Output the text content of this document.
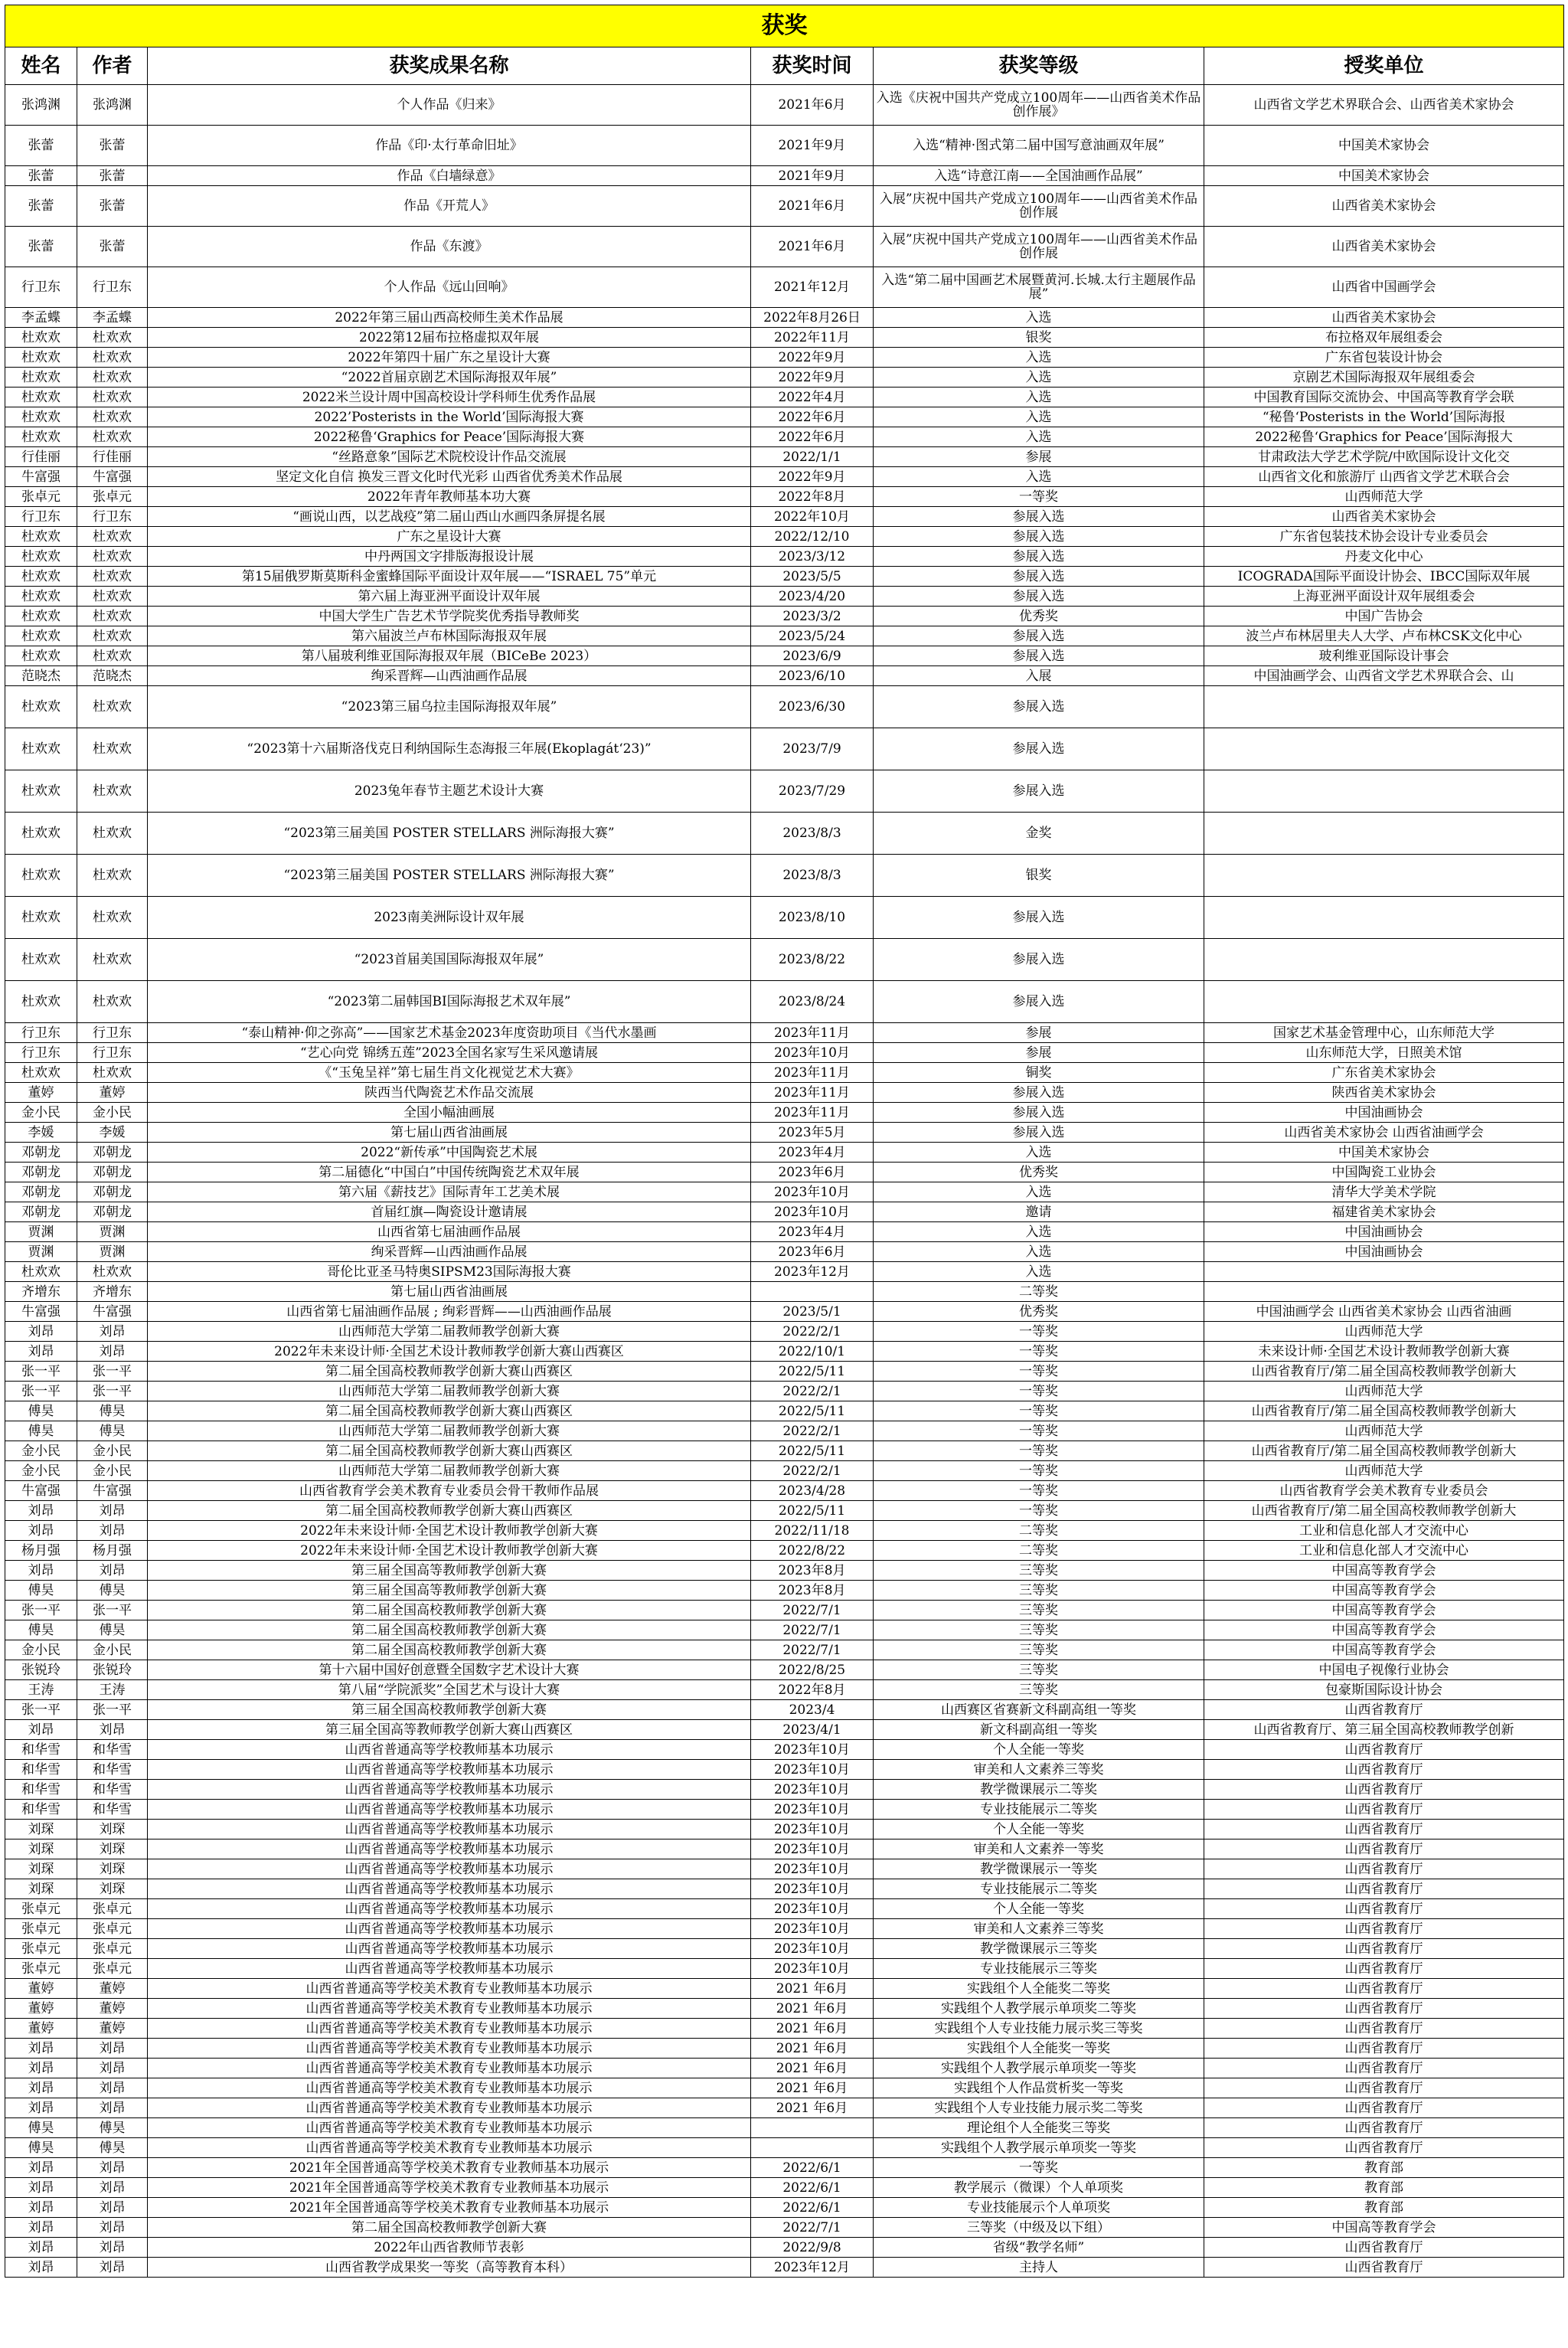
获奖					
姓名	作者	获奖成果名称	获奖时间	获奖等级	授奖单位
张鸿渊	张鸿渊	个人作品《归来》	2021年6月	入选《庆祝中国共产党成立100周年——山西省美术作品创作展》	山西省文学艺术界联合会、山西省美术家协会
张蕾	张蕾	作品《印·太行革命旧址》	2021年9月	入选“精神·图式第二届中国写意油画双年展”	中国美术家协会
张蕾	张蕾	作品《白墙绿意》	2021年9月	入选“诗意江南——全国油画作品展”	中国美术家协会
张蕾	张蕾	作品《开荒人》	2021年6月	入展”庆祝中国共产党成立100周年——山西省美术作品创作展	山西省美术家协会
张蕾	张蕾	作品《东渡》	2021年6月	入展”庆祝中国共产党成立100周年——山西省美术作品创作展	山西省美术家协会
行卫东	行卫东	个人作品《远山回响》	2021年12月	入选“第二届中国画艺术展暨黄河.长城.太行主题展作品展”	山西省中国画学会
李孟蝶	李孟蝶	2022年第三届山西高校师生美术作品展	2022年8月26日	入选	山西省美术家协会
杜欢欢	杜欢欢	2022第12届布拉格虚拟双年展	2022年11月	银奖	布拉格双年展组委会
杜欢欢	杜欢欢	2022年第四十届广东之星设计大赛	2022年9月	入选	广东省包装设计协会
杜欢欢	杜欢欢	“2022首届京剧艺术国际海报双年展”	2022年9月	入选	京剧艺术国际海报双年展组委会
杜欢欢	杜欢欢	2022米兰设计周中国高校设计学科师生优秀作品展	2022年4月	入选	中国教育国际交流协会、中国高等教育学会联
杜欢欢	杜欢欢	2022’Posterists in the World’国际海报大赛	2022年6月	入选	“秘鲁‘Posterists in the World’国际海报
杜欢欢	杜欢欢	2022秘鲁‘Graphics for Peace’国际海报大赛	2022年6月	入选	2022秘鲁‘Graphics for Peace’国际海报大
行佳丽	行佳丽	“丝路意象”国际艺术院校设计作品交流展	2022/1/1	参展	甘肃政法大学艺术学院/中欧国际设计文化交
牛富强	牛富强	坚定文化自信 换发三晋文化时代光彩 山西省优秀美术作品展	2022年9月	入选	山西省文化和旅游厅 山西省文学艺术联合会
张卓元	张卓元	2022年青年教师基本功大赛	2022年8月	一等奖	山西师范大学
行卫东	行卫东	“画说山西，以艺战疫”第二届山西山水画四条屏提名展	2022年10月	参展入选	山西省美术家协会
杜欢欢	杜欢欢	广东之星设计大赛	2022/12/10	参展入选	广东省包装技术协会设计专业委员会
杜欢欢	杜欢欢	中丹两国文字排版海报设计展	2023/3/12	参展入选	丹麦文化中心
杜欢欢	杜欢欢	第15届俄罗斯莫斯科金蜜蜂国际平面设计双年展——“ISRAEL 75”单元	2023/5/5	参展入选	ICOGRADA国际平面设计协会、IBCC国际双年展
杜欢欢	杜欢欢	第六届上海亚洲平面设计双年展	2023/4/20	参展入选	上海亚洲平面设计双年展组委会
杜欢欢	杜欢欢	中国大学生广告艺术节学院奖优秀指导教师奖	2023/3/2	优秀奖	中国广告协会
杜欢欢	杜欢欢	第六届波兰卢布林国际海报双年展	2023/5/24	参展入选	波兰卢布林居里夫人大学、卢布林CSK文化中心
杜欢欢	杜欢欢	第八届玻利维亚国际海报双年展（BICeBe 2023）	2023/6/9	参展入选	玻利维亚国际设计事会
范晓杰	范晓杰	绚采晋辉—山西油画作品展	2023/6/10	入展	中国油画学会、山西省文学艺术界联合会、山
杜欢欢	杜欢欢	“2023第三届乌拉圭国际海报双年展”	2023/6/30	参展入选	
杜欢欢	杜欢欢	“2023第十六届斯洛伐克日利纳国际生态海报三年展(Ekoplagát‘23)”	2023/7/9	参展入选	
杜欢欢	杜欢欢	2023兔年春节主题艺术设计大赛	2023/7/29	参展入选	
杜欢欢	杜欢欢	“2023第三届美国 POSTER STELLARS 洲际海报大赛”	2023/8/3	金奖	
杜欢欢	杜欢欢	“2023第三届美国 POSTER STELLARS 洲际海报大赛”	2023/8/3	银奖	
杜欢欢	杜欢欢	2023南美洲际设计双年展	2023/8/10	参展入选	
杜欢欢	杜欢欢	“2023首届美国国际海报双年展”	2023/8/22	参展入选	
杜欢欢	杜欢欢	“2023第二届韩国BI国际海报艺术双年展”	2023/8/24	参展入选	
行卫东	行卫东	“泰山精神·仰之弥高”——国家艺术基金2023年度资助项目《当代水墨画	2023年11月	参展	国家艺术基金管理中心，山东师范大学
行卫东	行卫东	“艺心向党 锦绣五莲”2023全国名家写生采风邀请展	2023年10月	参展	山东师范大学，日照美术馆
杜欢欢	杜欢欢	《“玉兔呈祥”第七届生肖文化视觉艺术大赛》	2023年11月	铜奖	广东省美术家协会
董婷	董婷	陕西当代陶瓷艺术作品交流展	2023年11月	参展入选	陕西省美术家协会
金小民	金小民	全国小幅油画展	2023年11月	参展入选	中国油画协会
李媛	李媛	第七届山西省油画展	2023年5月	参展入选	山西省美术家协会 山西省油画学会
邓朝龙	邓朝龙	2022“新传承”中国陶瓷艺术展	2023年4月	入选	中国美术家协会
邓朝龙	邓朝龙	第二届德化“中国白”中国传统陶瓷艺术双年展	2023年6月	优秀奖	中国陶瓷工业协会
邓朝龙	邓朝龙	第六届《薪技艺》国际青年工艺美术展	2023年10月	入选	清华大学美术学院
邓朝龙	邓朝龙	首届红旗—陶瓷设计邀请展	2023年10月	邀请	福建省美术家协会
贾渊	贾渊	山西省第七届油画作品展	2023年4月	入选	中国油画协会
贾渊	贾渊	绚采晋辉—山西油画作品展	2023年6月	入选	中国油画协会
杜欢欢	杜欢欢	哥伦比亚圣马特奥SIPSM23国际海报大赛	2023年12月	入选	
齐增东	齐增东	第七届山西省油画展		二等奖	
牛富强	牛富强	山西省第七届油画作品展 ; 绚彩晋辉——山西油画作品展	2023/5/1	优秀奖	中国油画学会 山西省美术家协会 山西省油画
刘昂	刘昂	山西师范大学第二届教师教学创新大赛	2022/2/1	一等奖	山西师范大学
刘昂	刘昂	2022年未来设计师·全国艺术设计教师教学创新大赛山西赛区	2022/10/1	一等奖	未来设计师·全国艺术设计教师教学创新大赛
张一平	张一平	第二届全国高校教师教学创新大赛山西赛区	2022/5/11	一等奖	山西省教育厅/第二届全国高校教师教学创新大
张一平	张一平	山西师范大学第二届教师教学创新大赛	2022/2/1	一等奖	山西师范大学
傅昊	傅昊	第二届全国高校教师教学创新大赛山西赛区	2022/5/11	一等奖	山西省教育厅/第二届全国高校教师教学创新大
傅昊	傅昊	山西师范大学第二届教师教学创新大赛	2022/2/1	一等奖	山西师范大学
金小民	金小民	第二届全国高校教师教学创新大赛山西赛区	2022/5/11	一等奖	山西省教育厅/第二届全国高校教师教学创新大
金小民	金小民	山西师范大学第二届教师教学创新大赛	2022/2/1	一等奖	山西师范大学
牛富强	牛富强	山西省教育学会美术教育专业委员会骨干教师作品展	2023/4/28	一等奖	山西省教育学会美术教育专业委员会
刘昂	刘昂	第二届全国高校教师教学创新大赛山西赛区	2022/5/11	一等奖	山西省教育厅/第二届全国高校教师教学创新大
刘昂	刘昂	2022年未来设计师·全国艺术设计教师教学创新大赛	2022/11/18	二等奖	工业和信息化部人才交流中心
杨月强	杨月强	2022年未来设计师·全国艺术设计教师教学创新大赛	2022/8/22	二等奖	工业和信息化部人才交流中心
刘昂	刘昂	第三届全国高等教师教学创新大赛	2023年8月	三等奖	中国高等教育学会
傅昊	傅昊	第三届全国高等教师教学创新大赛	2023年8月	三等奖	中国高等教育学会
张一平	张一平	第二届全国高校教师教学创新大赛	2022/7/1	三等奖	中国高等教育学会
傅昊	傅昊	第二届全国高校教师教学创新大赛	2022/7/1	三等奖	中国高等教育学会
金小民	金小民	第二届全国高校教师教学创新大赛	2022/7/1	三等奖	中国高等教育学会
张锐玲	张锐玲	第十六届中国好创意暨全国数字艺术设计大赛	2022/8/25	三等奖	中国电子视像行业协会
王涛	王涛	第八届“学院派奖”全国艺术与设计大赛	2022年8月	三等奖	包豪斯国际设计协会
张一平	张一平	第三届全国高校教师教学创新大赛	2023/4	山西赛区省赛新文科副高组一等奖	山西省教育厅
刘昂	刘昂	第三届全国高等教师教学创新大赛山西赛区	2023/4/1	新文科副高组一等奖	山西省教育厅、第三届全国高校教师教学创新
和华雪	和华雪	山西省普通高等学校教师基本功展示	2023年10月	个人全能一等奖	山西省教育厅
和华雪	和华雪	山西省普通高等学校教师基本功展示	2023年10月	审美和人文素养三等奖	山西省教育厅
和华雪	和华雪	山西省普通高等学校教师基本功展示	2023年10月	教学微课展示二等奖	山西省教育厅
和华雪	和华雪	山西省普通高等学校教师基本功展示	2023年10月	专业技能展示二等奖	山西省教育厅
刘琛	刘琛	山西省普通高等学校教师基本功展示	2023年10月	个人全能一等奖	山西省教育厅
刘琛	刘琛	山西省普通高等学校教师基本功展示	2023年10月	审美和人文素养一等奖	山西省教育厅
刘琛	刘琛	山西省普通高等学校教师基本功展示	2023年10月	教学微课展示一等奖	山西省教育厅
刘琛	刘琛	山西省普通高等学校教师基本功展示	2023年10月	专业技能展示二等奖	山西省教育厅
张卓元	张卓元	山西省普通高等学校教师基本功展示	2023年10月	个人全能一等奖	山西省教育厅
张卓元	张卓元	山西省普通高等学校教师基本功展示	2023年10月	审美和人文素养三等奖	山西省教育厅
张卓元	张卓元	山西省普通高等学校教师基本功展示	2023年10月	教学微课展示三等奖	山西省教育厅
张卓元	张卓元	山西省普通高等学校教师基本功展示	2023年10月	专业技能展示三等奖	山西省教育厅
董婷	董婷	山西省普通高等学校美术教育专业教师基本功展示	2021 年6月	实践组个人全能奖二等奖	山西省教育厅
董婷	董婷	山西省普通高等学校美术教育专业教师基本功展示	2021 年6月	实践组个人教学展示单项奖二等奖	山西省教育厅
董婷	董婷	山西省普通高等学校美术教育专业教师基本功展示	2021 年6月	实践组个人专业技能力展示奖三等奖	山西省教育厅
刘昂	刘昂	山西省普通高等学校美术教育专业教师基本功展示	2021 年6月	实践组个人全能奖一等奖	山西省教育厅
刘昂	刘昂	山西省普通高等学校美术教育专业教师基本功展示	2021 年6月	实践组个人教学展示单项奖一等奖	山西省教育厅
刘昂	刘昂	山西省普通高等学校美术教育专业教师基本功展示	2021 年6月	实践组个人作品赏析奖一等奖	山西省教育厅
刘昂	刘昂	山西省普通高等学校美术教育专业教师基本功展示	2021 年6月	实践组个人专业技能力展示奖二等奖	山西省教育厅
傅昊	傅昊	山西省普通高等学校美术教育专业教师基本功展示		理论组个人全能奖三等奖	山西省教育厅
傅昊	傅昊	山西省普通高等学校美术教育专业教师基本功展示		实践组个人教学展示单项奖一等奖	山西省教育厅
刘昂	刘昂	2021年全国普通高等学校美术教育专业教师基本功展示	2022/6/1	一等奖	教育部
刘昂	刘昂	2021年全国普通高等学校美术教育专业教师基本功展示	2022/6/1	教学展示（微课）个人单项奖	教育部
刘昂	刘昂	2021年全国普通高等学校美术教育专业教师基本功展示	2022/6/1	专业技能展示个人单项奖	教育部
刘昂	刘昂	第二届全国高校教师教学创新大赛	2022/7/1	三等奖（中级及以下组）	中国高等教育学会
刘昂	刘昂	2022年山西省教师节表彰	2022/9/8	省级“教学名师”	山西省教育厅
刘昂	刘昂	山西省教学成果奖一等奖（高等教育本科）	2023年12月	主持人	山西省教育厅
